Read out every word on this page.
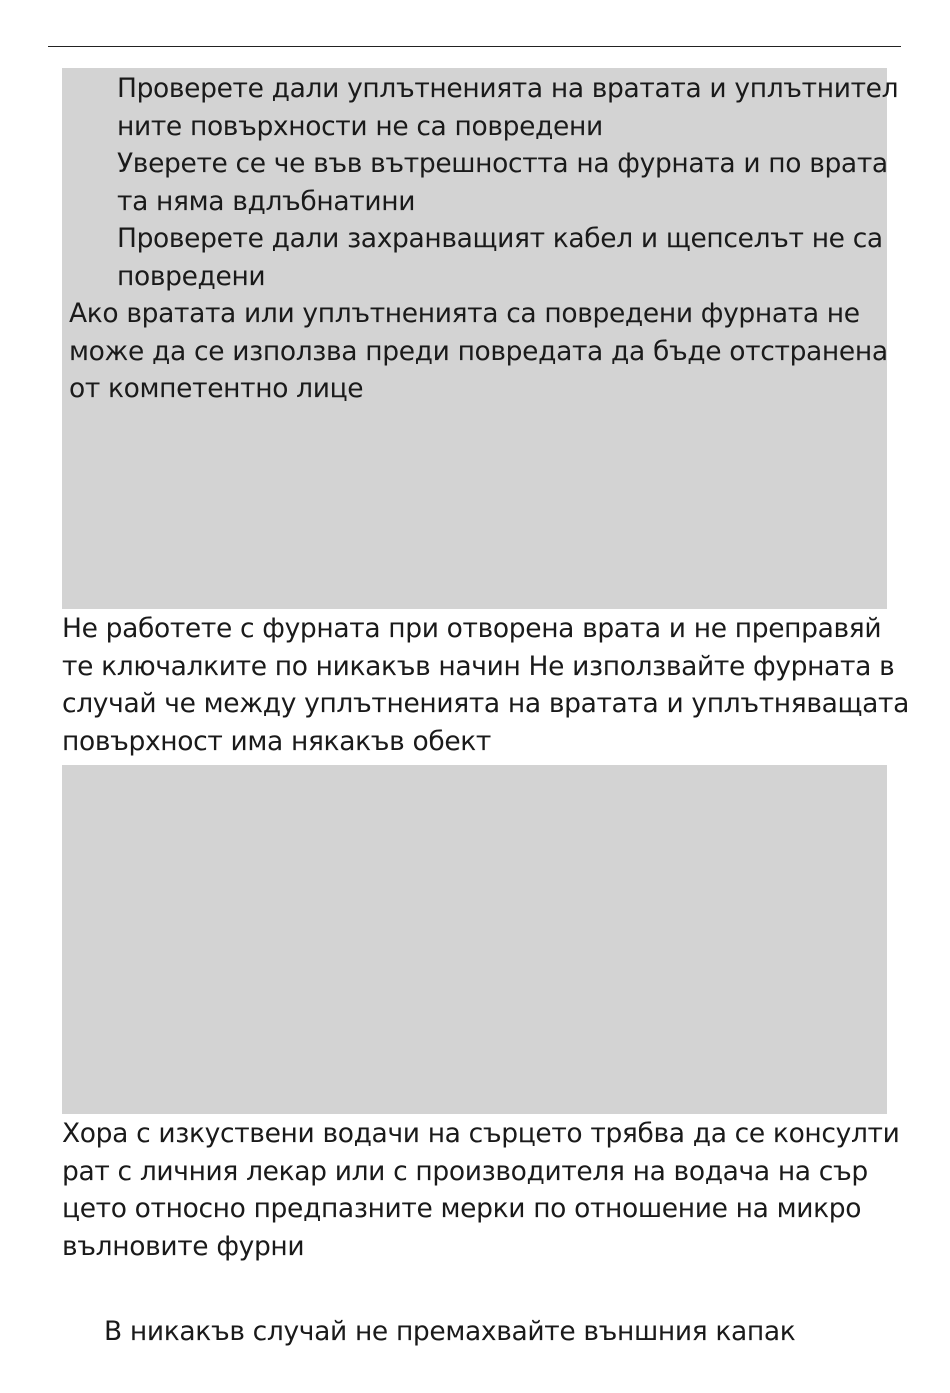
Проверете дали уплътненията на вратата и уплътнител
ните повърхности не са повредени
Уверете се че във вътрешността на фурната и по врата
та няма вдлъбнатини
Проверете дали захранващият кабел и щепселът не са
повредени
Ако вратата или уплътненията са повредени фурната не
може да се използва преди повредата да бъде отстранена
от компетентно лице
Не работете с фурната при отворена врата и не преправяй
те ключалките по никакъв начин Не използвайте фурната в
случай че между уплътненията на вратата и уплътняващата
повърхност има някакъв обект
Хора с изкуствени водачи на сърцето трябва да се консулти
рат с личния лекар или с производителя на водача на сър
цето относно предпазните мерки по отношение на микро
вълновите фурни
В никакъв случай не премахвайте външния капак
